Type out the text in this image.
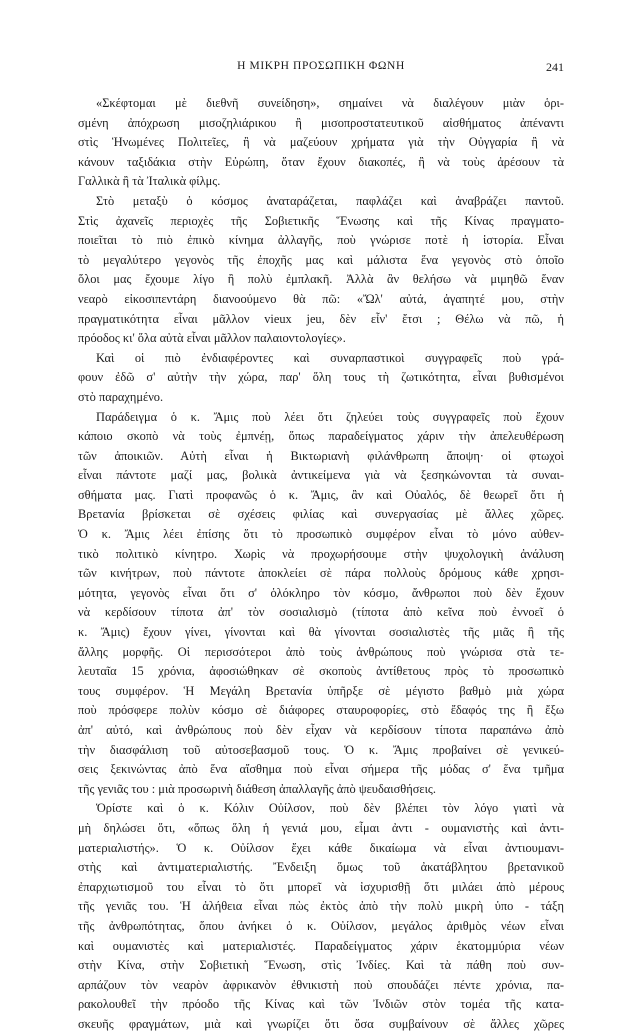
Η ΜΙΚΡΗ ΠΡΟΣΩΠΙΚΗ ΦΩΝΗ	241
«Σκέφτομαι μὲ διεθνῆ συνείδηση», σημαίνει νὰ διαλέγουν μιὰν ὁρι-
σμένη ἀπόχρωση μισοζηλιάρικου ἢ μισοπροστατευτικοῦ αἰσθήματος ἀπέναντι
στὶς Ἡνωμένες Πολιτεῖες, ἢ νὰ μαζεύουν χρήματα γιὰ τὴν Οὐγγαρία ἢ νὰ
κάνουν ταξιδάκια στὴν Εὐρώπη, ὅταν ἔχουν διακοπές, ἢ νὰ τοὺς ἀρέσουν τὰ
Γαλλικὰ ἢ τὰ Ἰταλικὰ φίλμς.
Στὸ μεταξὺ ὁ κόσμος ἀναταράζεται, παφλάζει καὶ ἀναβράζει παντοῦ.
Στὶς ἀχανεῖς περιοχὲς τῆς Σοβιετικῆς Ἕνωσης καὶ τῆς Κίνας πραγματο-
ποιεῖται τὸ πιὸ ἐπικὸ κίνημα ἀλλαγῆς, ποὺ γνώρισε ποτὲ ἡ ἱστορία. Εἶναι
τὸ μεγαλύτερο γεγονὸς τῆς ἐποχῆς μας καὶ μάλιστα ἕνα γεγονὸς στὸ ὁποῖο
ὅλοι μας ἔχουμε λίγο ἢ πολὺ ἐμπλακῆ. Ἀλλὰ ἂν θελήσω νὰ μιμηθῶ ἕναν
νεαρὸ εἰκοσιπεντάρη διανοούμενο θὰ πῶ: «Ὤλ' αὐτά, ἀγαπητέ μου, στὴν
πραγματικότητα εἶναι μᾶλλον vieux jeu, δὲν εἶν' ἔτσι ; Θέλω νὰ πῶ, ἡ
πρόοδος κι' ὅλα αὐτὰ εἶναι μᾶλλον παλαιοντολογίες».
Καὶ οἱ πιὸ ἐνδιαφέροντες καὶ συναρπαστικοὶ συγγραφεῖς ποὺ γρά-
φουν ἐδῶ σ' αὐτὴν τὴν χώρα, παρ' ὅλη τους τὴ ζωτικότητα, εἶναι βυθισμένοι
στὸ παραχημένο.
Παράδειγμα ὁ κ. Ἄμις ποὺ λέει ὅτι ζηλεύει τοὺς συγγραφεῖς ποὺ ἔχουν
κάποιο σκοπὸ νὰ τοὺς ἐμπνέῃ, ὅπως παραδείγματος χάριν τὴν ἀπελευθέρωση
τῶν ἀποικιῶν. Αὐτὴ εἶναι ἡ Βικτωριανὴ φιλάνθρωπη ἄποψη· οἱ φτωχοὶ
εἶναι πάντοτε μαζί μας, βολικὰ ἀντικείμενα γιὰ νὰ ξεσηκώνονται τὰ συναι-
σθήματα μας. Γιατὶ προφανῶς ὁ κ. Ἄμις, ἂν καὶ Οὐαλός, δὲ θεωρεῖ ὅτι ἡ
Βρετανία βρίσκεται σὲ σχέσεις φιλίας καὶ συνεργασίας μὲ ἄλλες χῶρες.
Ὁ κ. Ἄμις λέει ἐπίσης ὅτι τὸ προσωπικὸ συμφέρον εἶναι τὸ μόνο αὐθεν-
τικὸ πολιτικὸ κίνητρο. Χωρὶς νὰ προχωρήσουμε στὴν ψυχολογικὴ ἀνάλυση
τῶν κινήτρων, ποὺ πάντοτε ἀποκλείει σὲ πάρα πολλοὺς δρόμους κάθε χρησι-
μότητα, γεγονὸς εἶναι ὅτι σ' ὁλόκληρο τὸν κόσμο, ἄνθρωποι ποὺ δὲν ἔχουν
νὰ κερδίσουν τίποτα ἀπ' τὸν σοσιαλισμὸ (τίποτα ἀπὸ κεῖνα ποὺ ἐννοεῖ ὁ
κ. Ἄμις) ἔχουν γίνει, γίνονται καὶ θὰ γίνονται σοσιαλιστὲς τῆς μιᾶς ἢ τῆς
ἄλλης μορφῆς. Οἱ περισσότεροι ἀπὸ τοὺς ἀνθρώπους ποὺ γνώρισα στὰ τε-
λευταῖα 15 χρόνια, ἀφοσιώθηκαν σὲ σκοποὺς ἀντίθετους πρὸς τὸ προσωπικὸ
τους συμφέρον. Ἡ Μεγάλη Βρετανία ὑπῆρξε σὲ μέγιστο βαθμὸ μιὰ χώρα
ποὺ πρόσφερε πολὺν κόσμο σὲ διάφορες σταυροφορίες, στὸ ἔδαφός της ἢ ἔξω
ἀπ' αὐτό, καὶ ἀνθρώπους ποὺ δὲν εἶχαν νὰ κερδίσουν τίποτα παραπάνω ἀπὸ
τὴν διασφάλιση τοῦ αὐτοσεβασμοῦ τους. Ὁ κ. Ἄμις προβαίνει σὲ γενικεύ-
σεις ξεκινώντας ἀπὸ ἕνα αἴσθημα ποὺ εἶναι σήμερα τῆς μόδας σ' ἕνα τμῆμα
τῆς γενιᾶς του : μιὰ προσωρινὴ διάθεση ἀπαλλαγῆς ἀπὸ ψευδαισθήσεις.
Ὁρίστε καὶ ὁ κ. Κόλιν Οὐίλσον, ποὺ δὲν βλέπει τὸν λόγο γιατὶ νὰ
μὴ δηλώσει ὅτι, «ὅπως ὅλη ἡ γενιά μου, εἶμαι ἀντι - ουμανιστὴς καὶ ἀντι-
ματεριαλιστής». Ὁ κ. Οὐίλσον ἔχει κάθε δικαίωμα νὰ εἶναι ἀντιουμανι-
στὴς καὶ ἀντιματεριαλιστής. Ἔνδειξη ὅμως τοῦ ἀκατάβλητου βρετανικοῦ
ἐπαρχιωτισμοῦ του εἶναι τὸ ὅτι μπορεῖ νὰ ἰσχυρισθῇ ὅτι μιλάει ἀπὸ μέρους
τῆς γενιᾶς του. Ἡ ἀλήθεια εἶναι πὼς ἐκτὸς ἀπὸ τὴν πολὺ μικρὴ ὑπο - τάξη
τῆς ἀνθρωπότητας, ὅπου ἀνήκει ὁ κ. Οὐίλσον, μεγάλος ἀριθμὸς νέων εἶναι
καὶ ουμανιστὲς καὶ ματεριαλιστές. Παραδείγματος χάριν ἑκατομμύρια νέων
στὴν Κίνα, στὴν Σοβιετικὴ Ἕνωση, στὶς Ἰνδίες. Καὶ τὰ πάθη ποὺ συν-
αρπάζουν τὸν νεαρὸν ἀφρικανὸν ἐθνικιστὴ ποὺ σπουδάζει πέντε χρόνια, πα-
ρακολουθεῖ τὴν πρόοδο τῆς Κίνας καὶ τῶν Ἰνδιῶν στὸν τομέα τῆς κατα-
σκευῆς φραγμάτων, μιὰ καὶ γνωρίζει ὅτι ὅσα συμβαίνουν σὲ ἄλλες χῶρες
